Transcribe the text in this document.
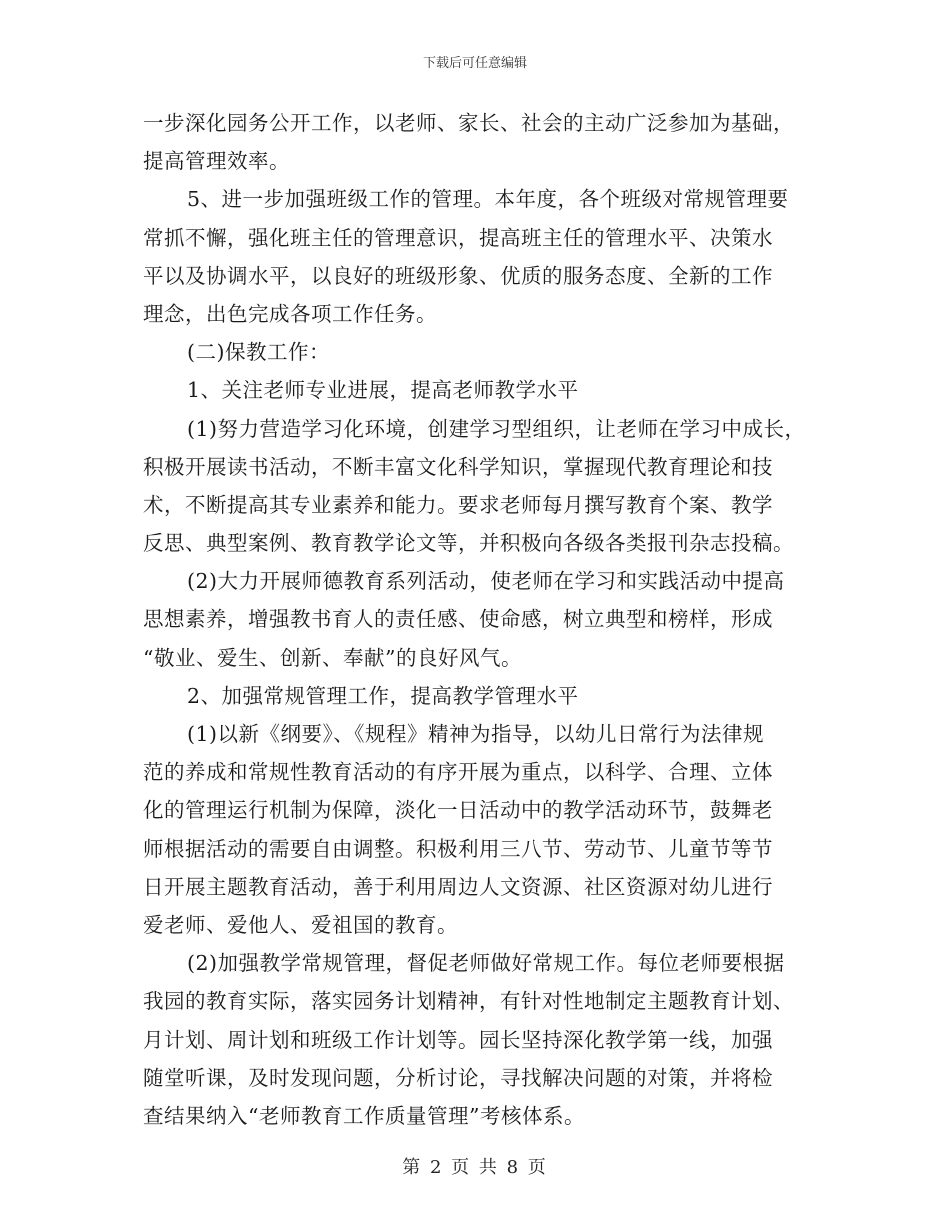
下载后可任意编辑
一步深化园务公开工作，以老师、家长、社会的主动广泛参加为基础，
提高管理效率。
5、进一步加强班级工作的管理。本年度，各个班级对常规管理要
常抓不懈，强化班主任的管理意识，提高班主任的管理水平、决策水
平以及协调水平，以良好的班级形象、优质的服务态度、全新的工作
理念，出色完成各项工作任务。
(二)保教工作：
1、关注老师专业进展，提高老师教学水平
(1)努力营造学习化环境，创建学习型组织，让老师在学习中成长，
积极开展读书活动，不断丰富文化科学知识，掌握现代教育理论和技
术，不断提高其专业素养和能力。要求老师每月撰写教育个案、教学
反思、典型案例、教育教学论文等，并积极向各级各类报刊杂志投稿。
(2)大力开展师德教育系列活动，使老师在学习和实践活动中提高
思想素养，增强教书育人的责任感、使命感，树立典型和榜样，形成
“敬业、爱生、创新、奉献”的良好风气。
2、加强常规管理工作，提高教学管理水平
(1)以新《纲要》、《规程》精神为指导，以幼儿日常行为法律规
范的养成和常规性教育活动的有序开展为重点，以科学、合理、立体
化的管理运行机制为保障，淡化一日活动中的教学活动环节，鼓舞老
师根据活动的需要自由调整。积极利用三八节、劳动节、儿童节等节
日开展主题教育活动，善于利用周边人文资源、社区资源对幼儿进行
爱老师、爱他人、爱祖国的教育。
(2)加强教学常规管理，督促老师做好常规工作。每位老师要根据
我园的教育实际，落实园务计划精神，有针对性地制定主题教育计划、
月计划、周计划和班级工作计划等。园长坚持深化教学第一线，加强
随堂听课，及时发现问题，分析讨论，寻找解决问题的对策，并将检
查结果纳入“老师教育工作质量管理”考核体系。
第 2 页 共 8 页
